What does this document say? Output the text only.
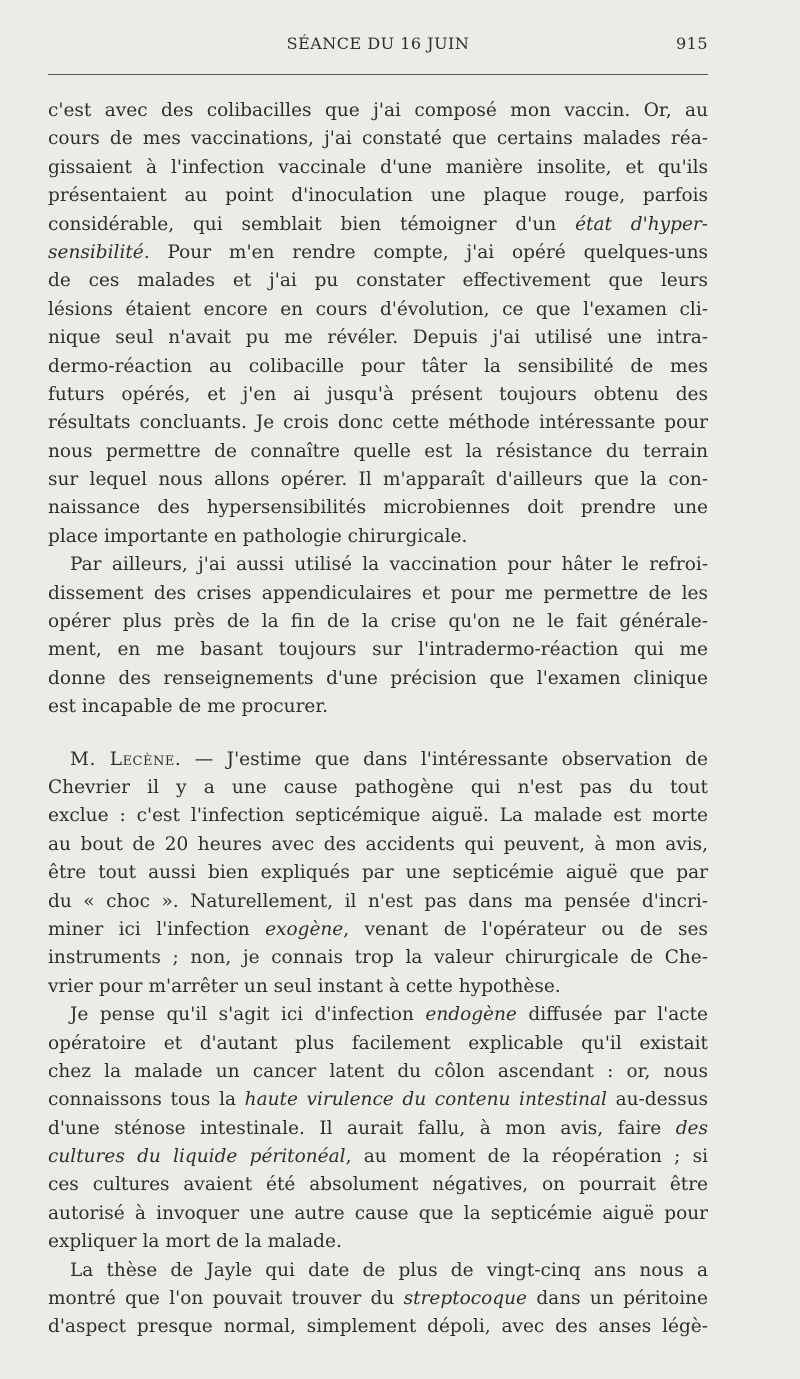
SÉANCE DU 16 JUIN	915
c'est avec des colibacilles que j'ai composé mon vaccin. Or, au
cours de mes vaccinations, j'ai constaté que certains malades réa-
gissaient à l'infection vaccinale d'une manière insolite, et qu'ils
présentaient au point d'inoculation une plaque rouge, parfois
considérable, qui semblait bien témoigner d'un état d'hyper-
sensibilité. Pour m'en rendre compte, j'ai opéré quelques-uns
de ces malades et j'ai pu constater effectivement que leurs
lésions étaient encore en cours d'évolution, ce que l'examen cli-
nique seul n'avait pu me révéler. Depuis j'ai utilisé une intra-
dermo-réaction au colibacille pour tâter la sensibilité de mes
futurs opérés, et j'en ai jusqu'à présent toujours obtenu des
résultats concluants. Je crois donc cette méthode intéressante pour
nous permettre de connaître quelle est la résistance du terrain
sur lequel nous allons opérer. Il m'apparaît d'ailleurs que la con-
naissance des hypersensibilités microbiennes doit prendre une
place importante en pathologie chirurgicale.
Par ailleurs, j'ai aussi utilisé la vaccination pour hâter le refroi-
dissement des crises appendiculaires et pour me permettre de les
opérer plus près de la fin de la crise qu'on ne le fait générale-
ment, en me basant toujours sur l'intradermo-réaction qui me
donne des renseignements d'une précision que l'examen clinique
est incapable de me procurer.
M. Lecène. — J'estime que dans l'intéressante observation de
Chevrier il y a une cause pathogène qui n'est pas du tout
exclue : c'est l'infection septicémique aiguë. La malade est morte
au bout de 20 heures avec des accidents qui peuvent, à mon avis,
être tout aussi bien expliqués par une septicémie aiguë que par
du « choc ». Naturellement, il n'est pas dans ma pensée d'incri-
miner ici l'infection exogène, venant de l'opérateur ou de ses
instruments ; non, je connais trop la valeur chirurgicale de Che-
vrier pour m'arrêter un seul instant à cette hypothèse.
Je pense qu'il s'agit ici d'infection endogène diffusée par l'acte
opératoire et d'autant plus facilement explicable qu'il existait
chez la malade un cancer latent du côlon ascendant : or, nous
connaissons tous la haute virulence du contenu intestinal au-dessus
d'une sténose intestinale. Il aurait fallu, à mon avis, faire des
cultures du liquide péritonéal, au moment de la réopération ; si
ces cultures avaient été absolument négatives, on pourrait être
autorisé à invoquer une autre cause que la septicémie aiguë pour
expliquer la mort de la malade.
La thèse de Jayle qui date de plus de vingt-cinq ans nous a
montré que l'on pouvait trouver du streptocoque dans un péritoine
d'aspect presque normal, simplement dépoli, avec des anses légè-
